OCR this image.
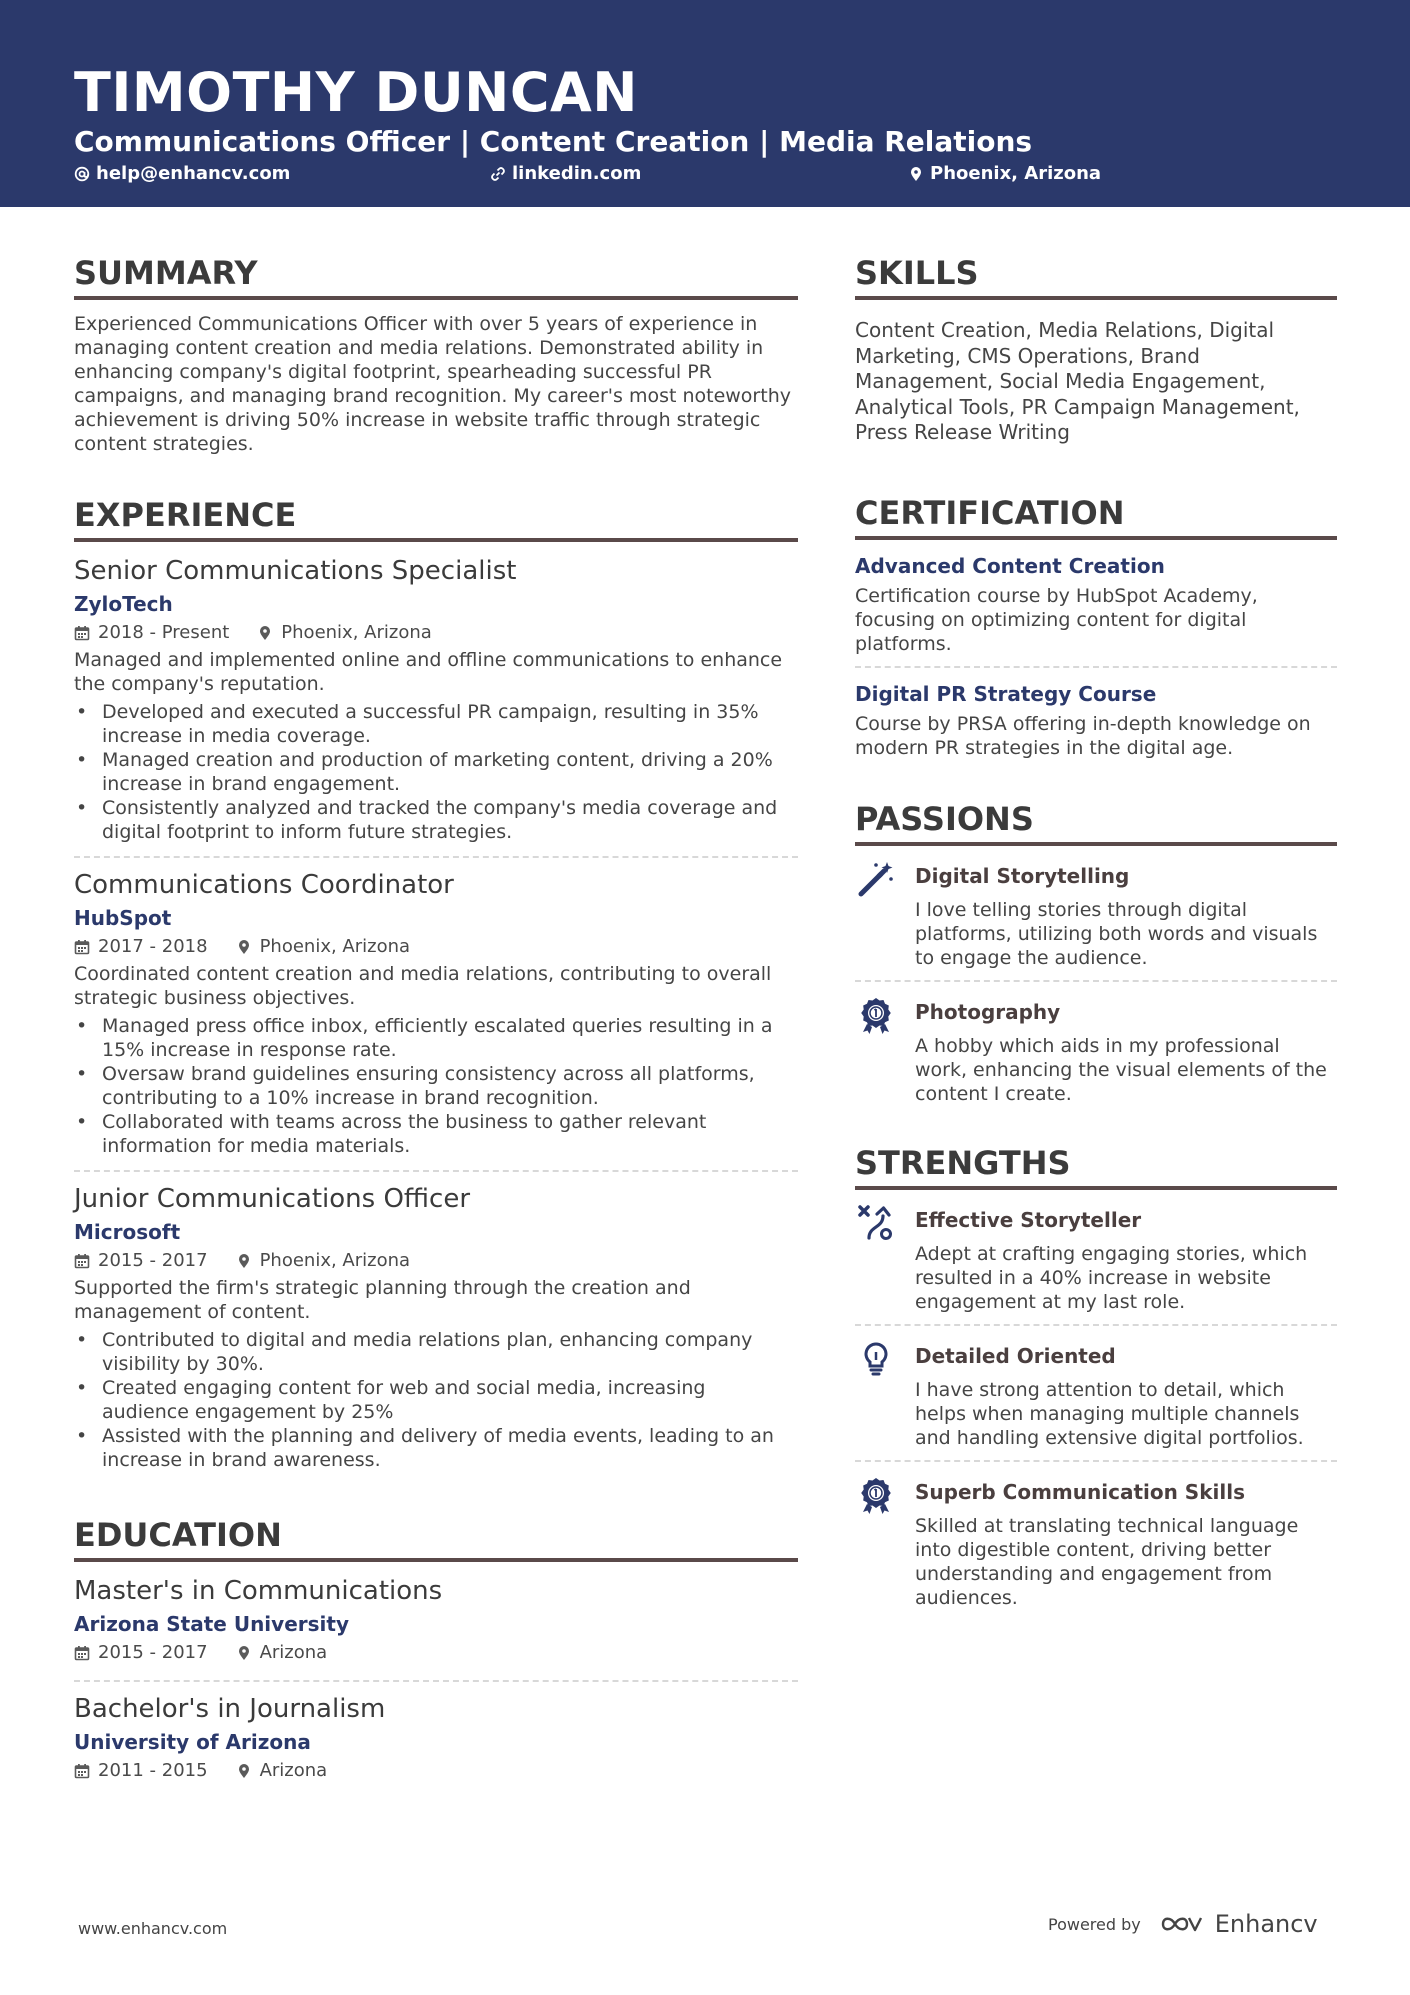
TIMOTHY DUNCAN
Communications Officer | Content Creation | Media Relations
help@enhancv.com	linkedin.com	Phoenix, Arizona
SUMMARY

Experienced Communications Officer with over 5 years of experience in managing content creation and media relations. Demonstrated ability in enhancing company's digital footprint, spearheading successful PR campaigns, and managing brand recognition. My career's most noteworthy achievement is driving 50% increase in website traffic through strategic content strategies.

EXPERIENCE

Senior Communications Specialist

ZyloTech

2018 - Present	Phoenix, Arizona

Managed and implemented online and offline communications to enhance the company's reputation.

• Developed and executed a successful PR campaign, resulting in 35% increase in media coverage.
• Managed creation and production of marketing content, driving a 20% increase in brand engagement.
• Consistently analyzed and tracked the company's media coverage and digital footprint to inform future strategies.

Communications Coordinator

HubSpot

2017 - 2018	Phoenix, Arizona

Coordinated content creation and media relations, contributing to overall strategic business objectives.

• Managed press office inbox, efficiently escalated queries resulting in a 15% increase in response rate.
• Oversaw brand guidelines ensuring consistency across all platforms, contributing to a 10% increase in brand recognition.
• Collaborated with teams across the business to gather relevant information for media materials.

Junior Communications Officer

Microsoft

2015 - 2017	Phoenix, Arizona

Supported the firm's strategic planning through the creation and management of content.

• Contributed to digital and media relations plan, enhancing company visibility by 30%.
• Created engaging content for web and social media, increasing audience engagement by 25%
• Assisted with the planning and delivery of media events, leading to an increase in brand awareness.
EDUCATION

Master's in Communications

Arizona State University

2015 - 2017	Arizona

Bachelor's in Journalism

University of Arizona

2011 - 2015	Arizona
SKILLS

Content Creation, Media Relations, Digital Marketing, CMS Operations, Brand Management, Social Media Engagement, Analytical Tools, PR Campaign Management, Press Release Writing

CERTIFICATION

Advanced Content Creation

Certification course by HubSpot Academy, focusing on optimizing content for digital platforms.

Digital PR Strategy Course

Course by PRSA offering in-depth knowledge on modern PR strategies in the digital age.

PASSIONS

Digital Storytelling

I love telling stories through digital platforms, utilizing both words and visuals to engage the audience.

Photography

A hobby which aids in my professional work, enhancing the visual elements of the content I create.

STRENGTHS

Effective Storyteller

Adept at crafting engaging stories, which resulted in a 40% increase in website engagement at my last role.

Detailed Oriented

I have strong attention to detail, which helps when managing multiple channels and handling extensive digital portfolios.

Superb Communication Skills

Skilled at translating technical language into digestible content, driving better understanding and engagement from audiences.

www.enhancv.com	Powered by	Enhancv
